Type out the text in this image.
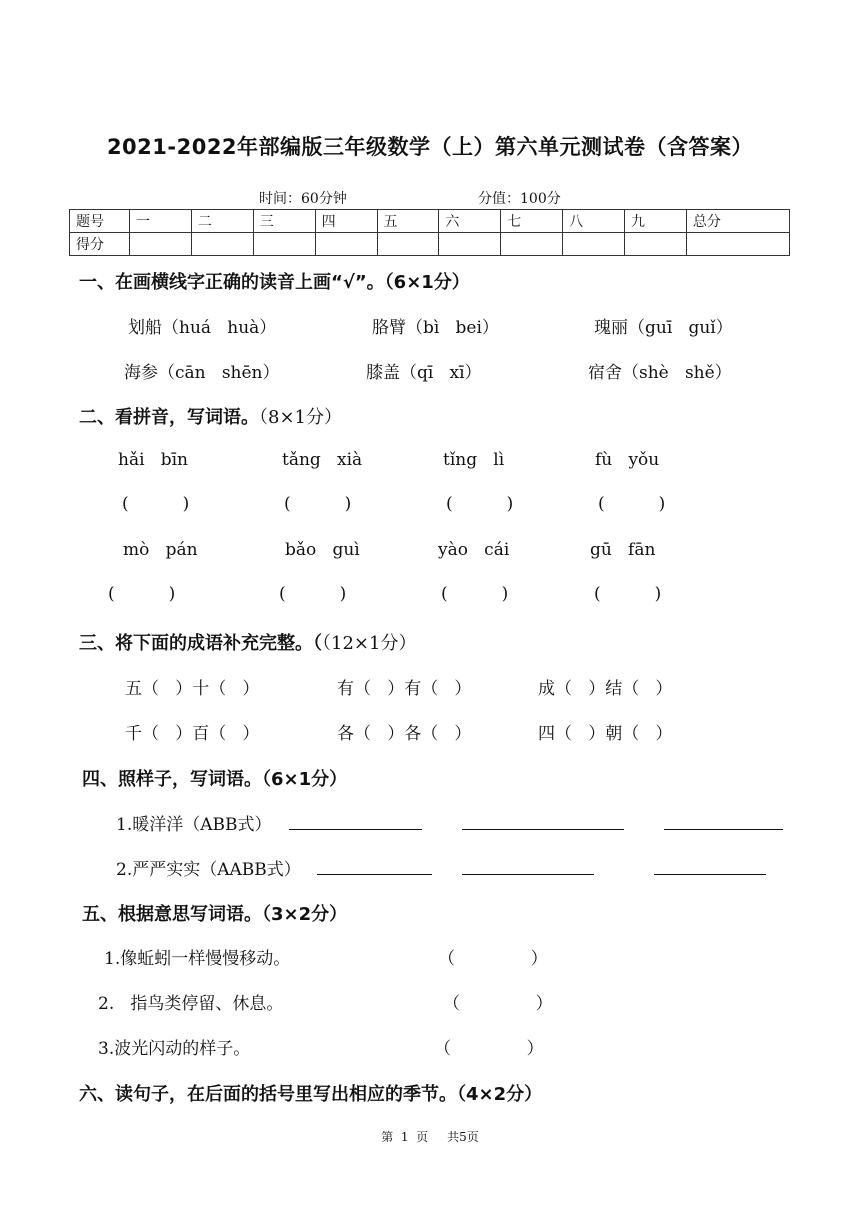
2021-2022年部编版三年级数学（上）第六单元测试卷（含答案）
时间：60分钟	分值：100分
题号	一	二	三	四	五	六	七	八	九	总分
得分										
一、在画横线字正确的读音上画“√”。（6×1分）
划船（huá   huà）	胳臂（bì   bei）	瑰丽（guī   guǐ）
海参（cān   shēn）	膝盖（qī   xī）	宿舍（shè   shě）
二、看拼音，写词语。（8×1分）
hǎi   bīn	tǎng   xià	tǐng   lì	fù   yǒu
(          )	(          )	(          )	(          )
mò   pán	bǎo   guì	yào   cái	gū   fān
(          )	(          )	(          )	(          )
三、将下面的成语补充完整。（（12×1分）
五（   ）十（   ）	有（   ）有（   ）	成（   ）结（   ）
千（   ）百（   ）	各（   ）各（   ）	四（   ）朝（   ）
四、照样子，写词语。（6×1分）
1.暖洋洋（ABB式）
2.严严实实（AABB式）
五、根据意思写词语。（3×2分）
1.像蚯蚓一样慢慢移动。	（              ）
2.   指鸟类停留、休息。	（              ）
3.波光闪动的样子。	（              ）
六、读句子，在后面的括号里写出相应的季节。（4×2分）
第  1  页     共5页
